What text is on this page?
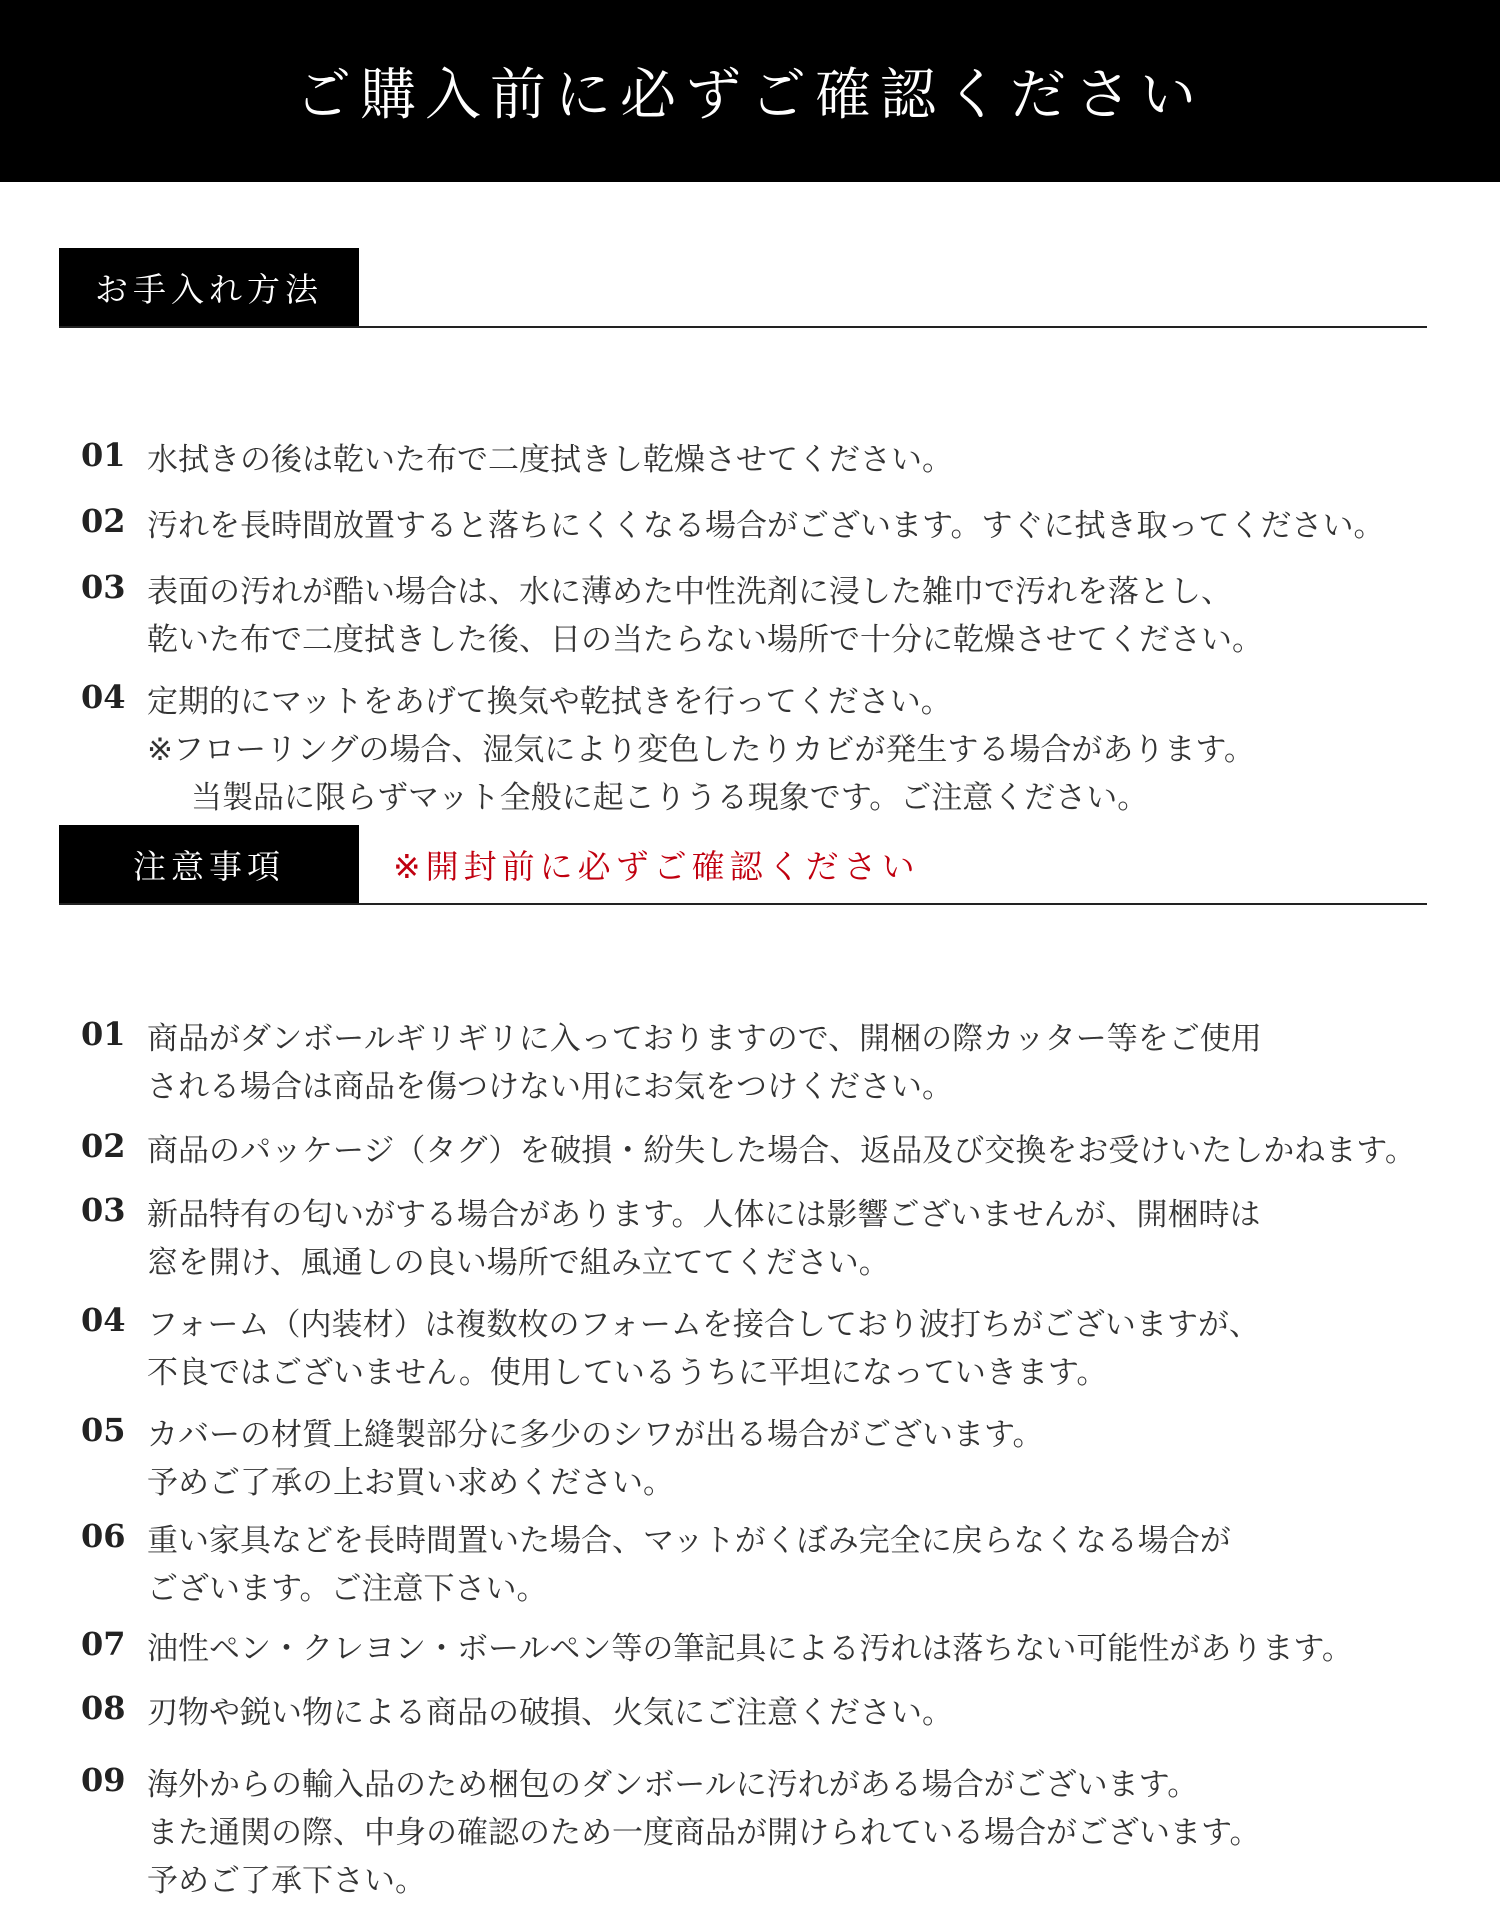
ご購入前に必ずご確認ください
お手入れ方法
01 水拭きの後は乾いた布で二度拭きし乾燥させてください。
02 汚れを長時間放置すると落ちにくくなる場合がございます。すぐに拭き取ってください。
03 表面の汚れが酷い場合は、水に薄めた中性洗剤に浸した雑巾で汚れを落とし、
乾いた布で二度拭きした後、日の当たらない場所で十分に乾燥させてください。
04 定期的にマットをあげて換気や乾拭きを行ってください。
※フローリングの場合、湿気により変色したりカビが発生する場合があります。
当製品に限らずマット全般に起こりうる現象です。ご注意ください。
注意事項	※開封前に必ずご確認ください
01 商品がダンボールギリギリに入っておりますので、開梱の際カッター等をご使用
される場合は商品を傷つけない用にお気をつけください。
02 商品のパッケージ（タグ）を破損・紛失した場合、返品及び交換をお受けいたしかねます。
03 新品特有の匂いがする場合があります。人体には影響ございませんが、開梱時は
窓を開け、風通しの良い場所で組み立ててください。
04 フォーム（内装材）は複数枚のフォームを接合しており波打ちがございますが、
不良ではございません。使用しているうちに平坦になっていきます。
05 カバーの材質上縫製部分に多少のシワが出る場合がございます。
予めご了承の上お買い求めください。
06 重い家具などを長時間置いた場合、マットがくぼみ完全に戻らなくなる場合が
ございます。ご注意下さい。
07 油性ペン・クレヨン・ボールペン等の筆記具による汚れは落ちない可能性があります。
08 刃物や鋭い物による商品の破損、火気にご注意ください。
09 海外からの輸入品のため梱包のダンボールに汚れがある場合がございます。
また通関の際、中身の確認のため一度商品が開けられている場合がございます。
予めご了承下さい。
